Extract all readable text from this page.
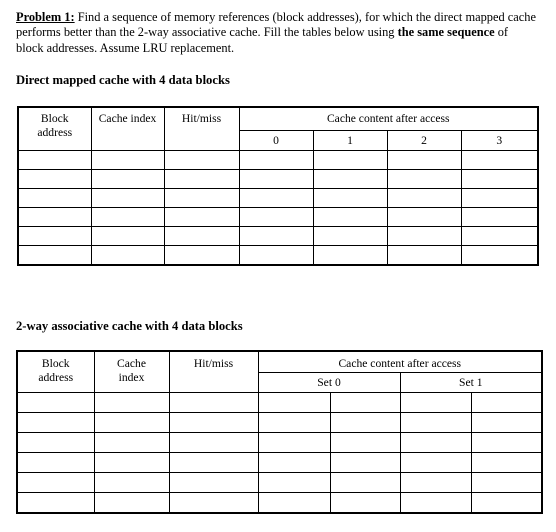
Problem 1: Find a sequence of memory references (block addresses), for which the direct mapped cache performs better than the 2-way associative cache. Fill the tables below using the same sequence of block addresses. Assume LRU replacement.
Direct mapped cache with 4 data blocks
Block
address	Cache index	Hit/miss	Cache content after access			
			0	1	2	3

2-way associative cache with 4 data blocks
Block
address	Cache
index	Hit/miss	Cache content after access			
			Set 0		Set 1	
